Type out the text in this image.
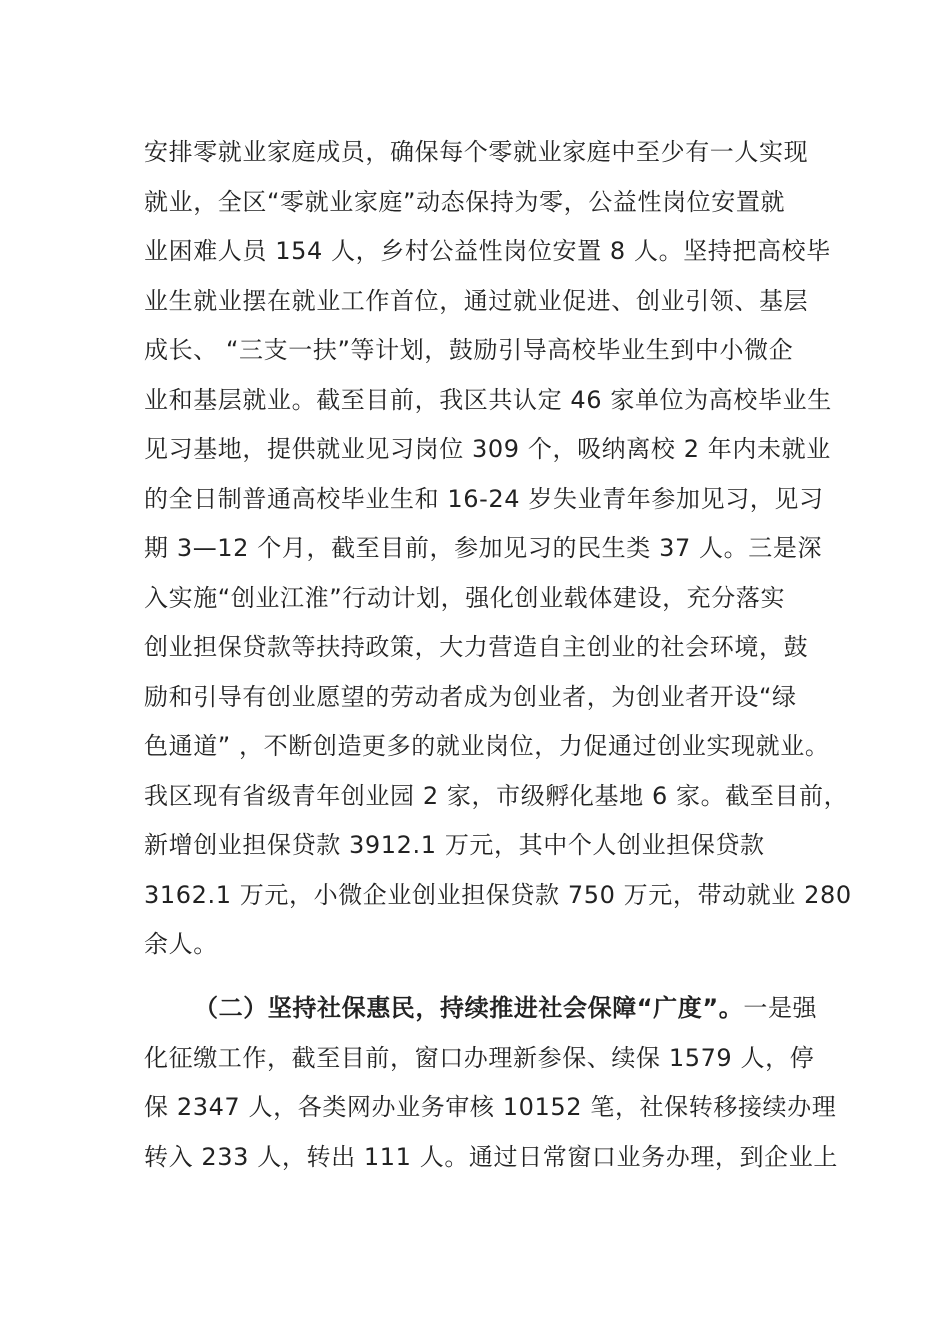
安排零就业家庭成员，确保每个零就业家庭中至少有一人实现
就业，全区“零就业家庭”动态保持为零，公益性岗位安置就
业困难人员 154 人，乡村公益性岗位安置 8 人。坚持把高校毕
业生就业摆在就业工作首位，通过就业促进、创业引领、基层
成长、 “三支一扶”等计划，鼓励引导高校毕业生到中小微企
业和基层就业。截至目前，我区共认定 46 家单位为高校毕业生
见习基地，提供就业见习岗位 309 个，吸纳离校 2 年内未就业
的全日制普通高校毕业生和 16-24 岁失业青年参加见习，见习
期 3—12 个月，截至目前，参加见习的民生类 37 人。三是深
入实施“创业江淮”行动计划，强化创业载体建设，充分落实
创业担保贷款等扶持政策，大力营造自主创业的社会环境，鼓
励和引导有创业愿望的劳动者成为创业者，为创业者开设“绿
色通道” ，不断创造更多的就业岗位，力促通过创业实现就业。
我区现有省级青年创业园 2 家，市级孵化基地 6 家。截至目前，
新增创业担保贷款 3912.1 万元，其中个人创业担保贷款
3162.1 万元，小微企业创业担保贷款 750 万元，带动就业 280
余人。
（二）坚持社保惠民，持续推进社会保障“广度”。一是强
化征缴工作，截至目前，窗口办理新参保、续保 1579 人，停
保 2347 人，各类网办业务审核 10152 笔，社保转移接续办理
转入 233 人，转出 111 人。通过日常窗口业务办理，到企业上
